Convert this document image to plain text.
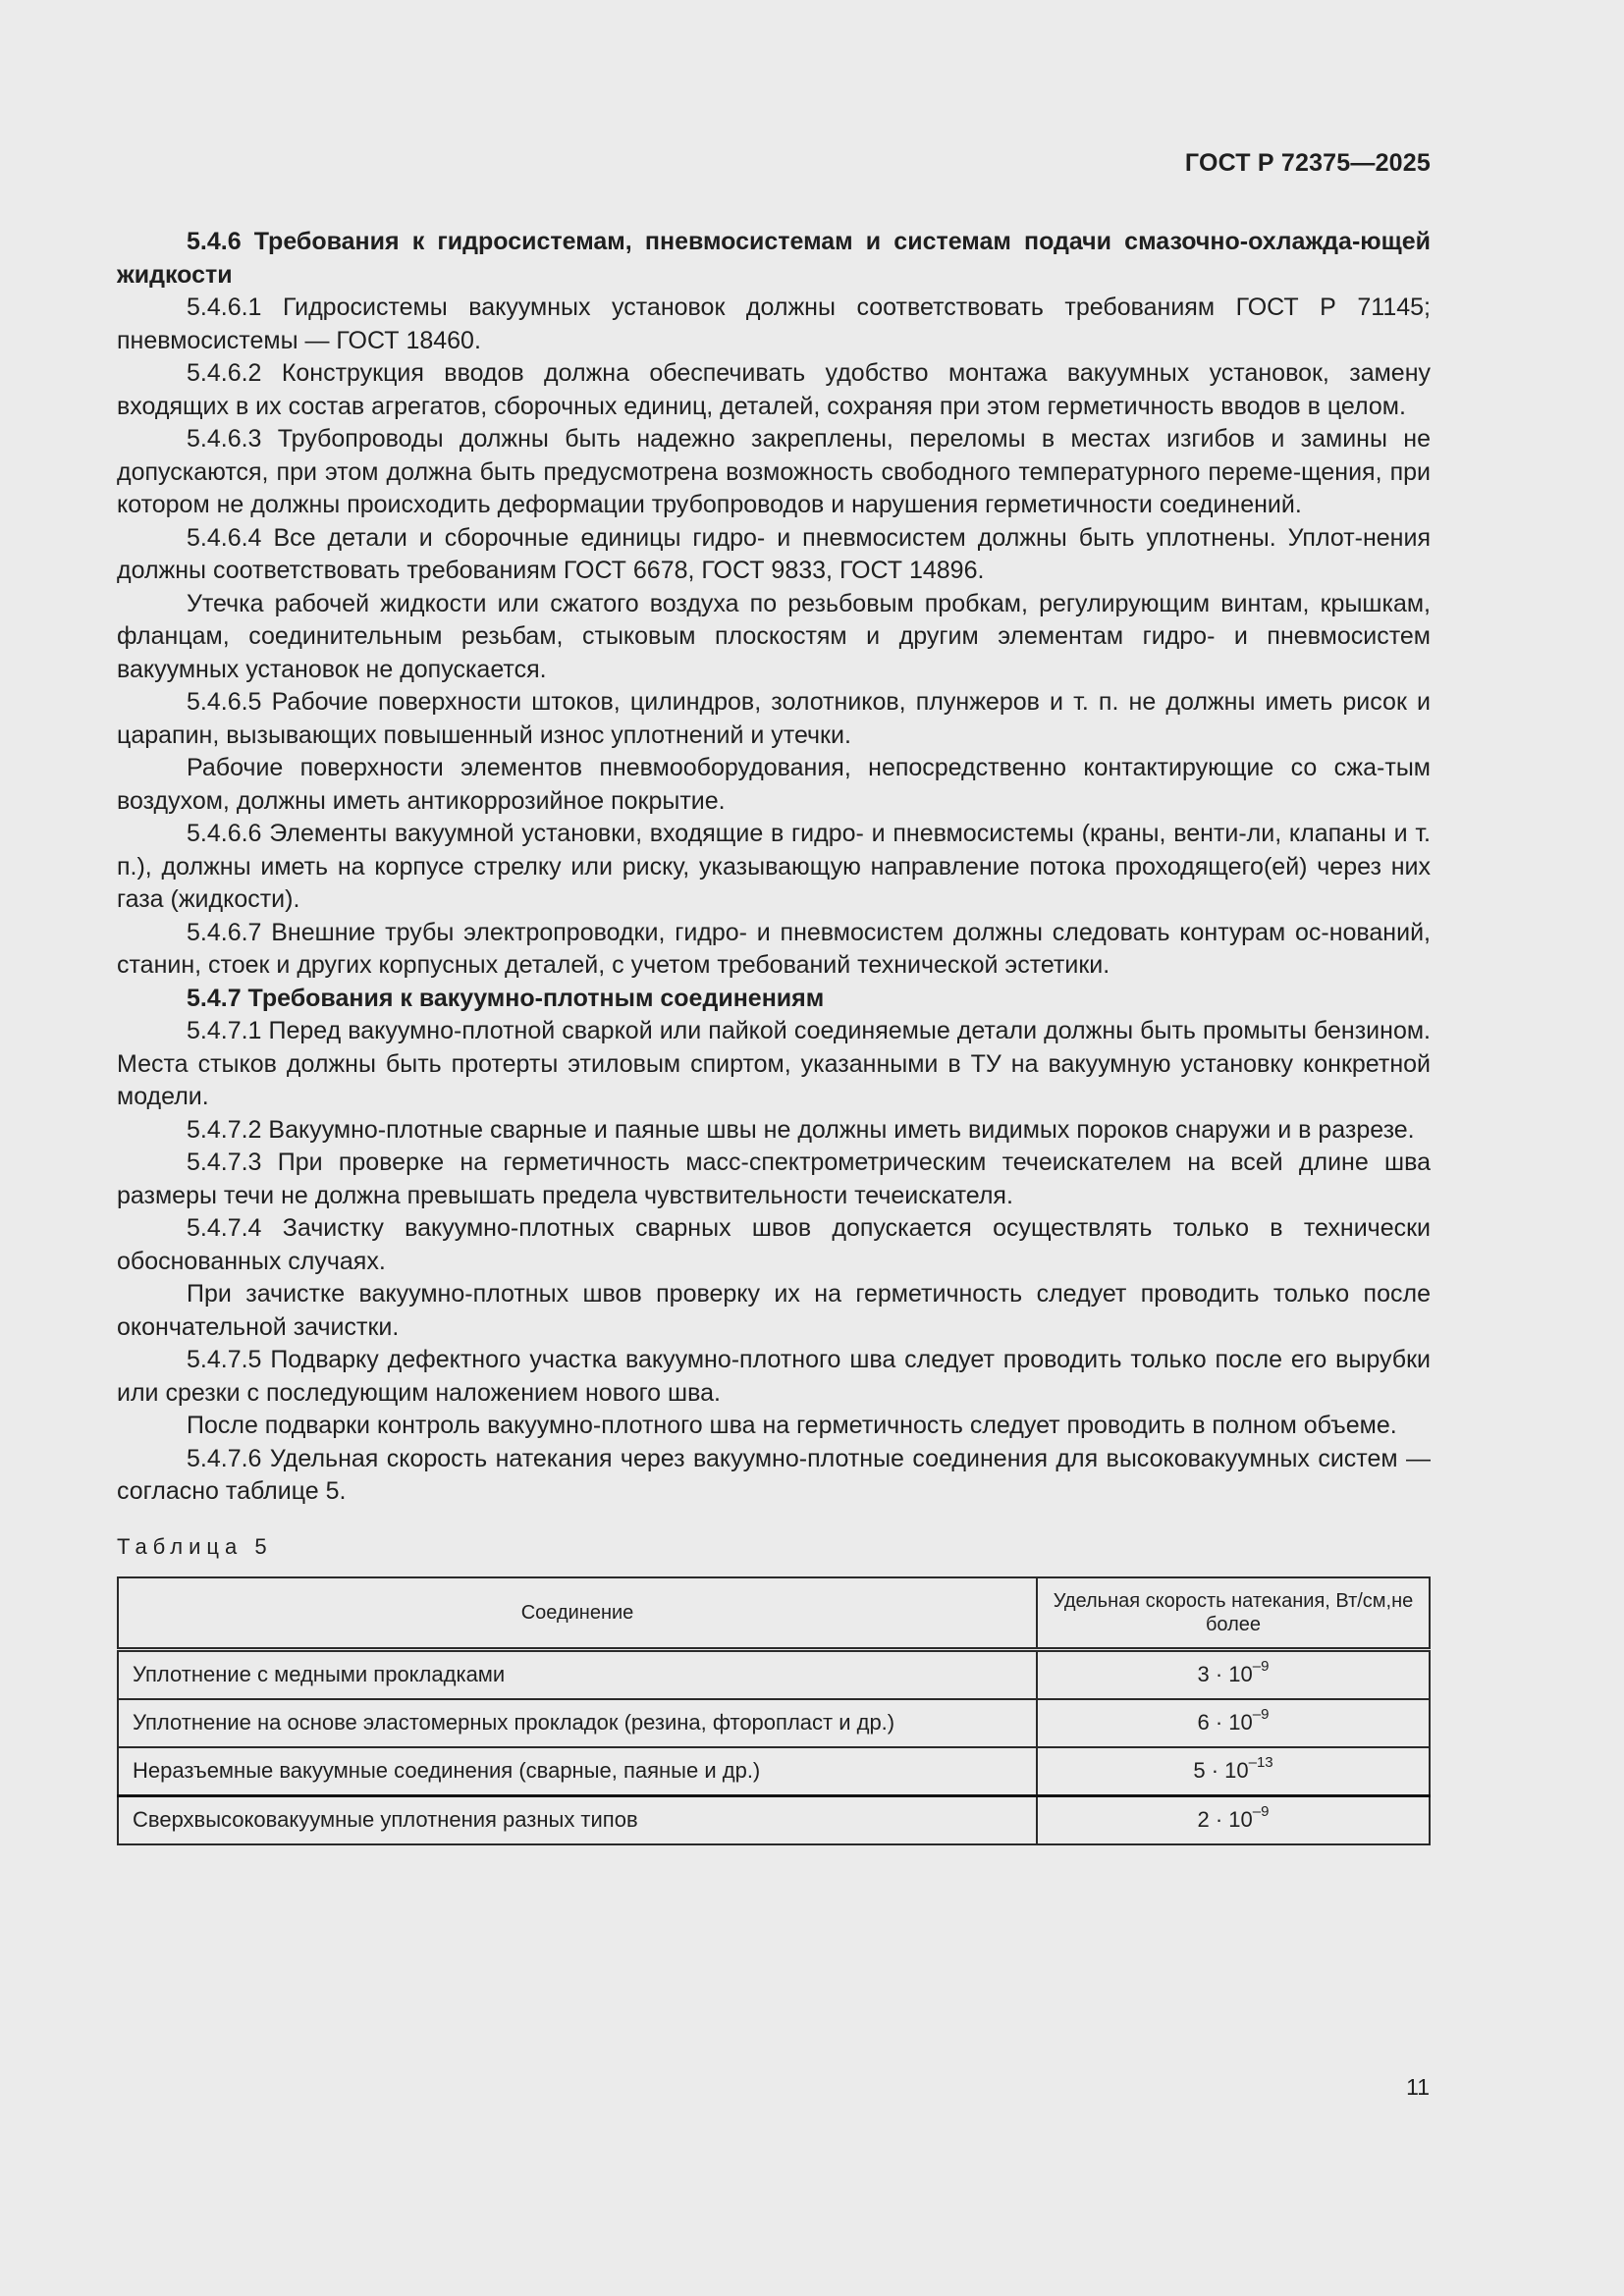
ГОСТ Р 72375—2025

5.4.6 Требования к гидросистемам, пневмосистемам и системам подачи смазочно-охлажда-ющей жидкости

5.4.6.1 Гидросистемы вакуумных установок должны соответствовать требованиям ГОСТ Р 71145; пневмосистемы — ГОСТ 18460.

5.4.6.2 Конструкция вводов должна обеспечивать удобство монтажа вакуумных установок, замену входящих в их состав агрегатов, сборочных единиц, деталей, сохраняя при этом герметичность вводов в целом.

5.4.6.3 Трубопроводы должны быть надежно закреплены, переломы в местах изгибов и замины не допускаются, при этом должна быть предусмотрена возможность свободного температурного переме-щения, при котором не должны происходить деформации трубопроводов и нарушения герметичности соединений.

5.4.6.4 Все детали и сборочные единицы гидро- и пневмосистем должны быть уплотнены. Уплот-нения должны соответствовать требованиям ГОСТ 6678, ГОСТ 9833, ГОСТ 14896.

Утечка рабочей жидкости или сжатого воздуха по резьбовым пробкам, регулирующим винтам, крышкам, фланцам, соединительным резьбам, стыковым плоскостям и другим элементам гидро- и пневмосистем вакуумных установок не допускается.

5.4.6.5 Рабочие поверхности штоков, цилиндров, золотников, плунжеров и т. п. не должны иметь рисок и царапин, вызывающих повышенный износ уплотнений и утечки.

Рабочие поверхности элементов пневмооборудования, непосредственно контактирующие со сжа-тым воздухом, должны иметь антикоррозийное покрытие.

5.4.6.6 Элементы вакуумной установки, входящие в гидро- и пневмосистемы (краны, венти-ли, клапаны и т. п.), должны иметь на корпусе стрелку или риску, указывающую направление потока проходящего(ей) через них газа (жидкости).

5.4.6.7 Внешние трубы электропроводки, гидро- и пневмосистем должны следовать контурам ос-нований, станин, стоек и других корпусных деталей, с учетом требований технической эстетики.

5.4.7 Требования к вакуумно-плотным соединениям

5.4.7.1 Перед вакуумно-плотной сваркой или пайкой соединяемые детали должны быть промыты бензином. Места стыков должны быть протерты этиловым спиртом, указанными в ТУ на вакуумную установку конкретной модели.

5.4.7.2 Вакуумно-плотные сварные и паяные швы не должны иметь видимых пороков снаружи и в разрезе.

5.4.7.3 При проверке на герметичность масс-спектрометрическим течеискателем на всей длине шва размеры течи не должна превышать предела чувствительности течеискателя.

5.4.7.4 Зачистку вакуумно-плотных сварных швов допускается осуществлять только в технически обоснованных случаях.

При зачистке вакуумно-плотных швов проверку их на герметичность следует проводить только после окончательной зачистки.

5.4.7.5 Подварку дефектного участка вакуумно-плотного шва следует проводить только после его вырубки или срезки с последующим наложением нового шва.

После подварки контроль вакуумно-плотного шва на герметичность следует проводить в полном объеме.

5.4.7.6 Удельная скорость натекания через вакуумно-плотные соединения для высоковакуумных систем — согласно таблице 5.

Таблица 5
Соединение	Удельная скорость натекания, Вт/см,не более
Уплотнение с медными прокладками	$3 \cdot 10^{-9}$
Уплотнение на основе эластомерных прокладок (резина, фторопласт и др.)	$6 \cdot 10^{-9}$
Неразъемные вакуумные соединения (сварные, паяные и др.)	$5 \cdot 10^{-13}$
Сверхвысоковакуумные уплотнения разных типов	$2 \cdot 10^{-9}$
11
